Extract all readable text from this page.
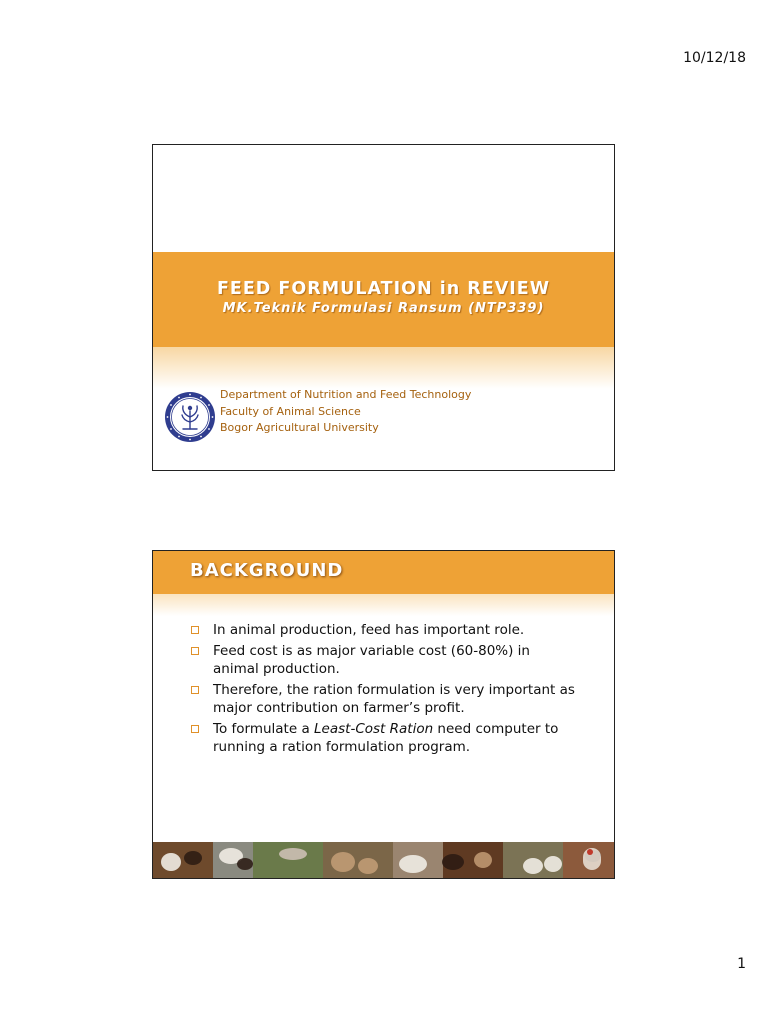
10/12/18
FEED FORMULATION in REVIEW
MK.Teknik Formulasi Ransum (NTP339)
Department of Nutrition and Feed Technology
Faculty of Animal Science
Bogor Agricultural University
BACKGROUND
In animal production, feed has important role.
Feed cost is as major variable cost (60-80%) in animal production.
Therefore, the ration formulation is very important as major contribution on farmer’s profit.
To formulate a Least-Cost Ration need computer to running a ration formulation program.
1
